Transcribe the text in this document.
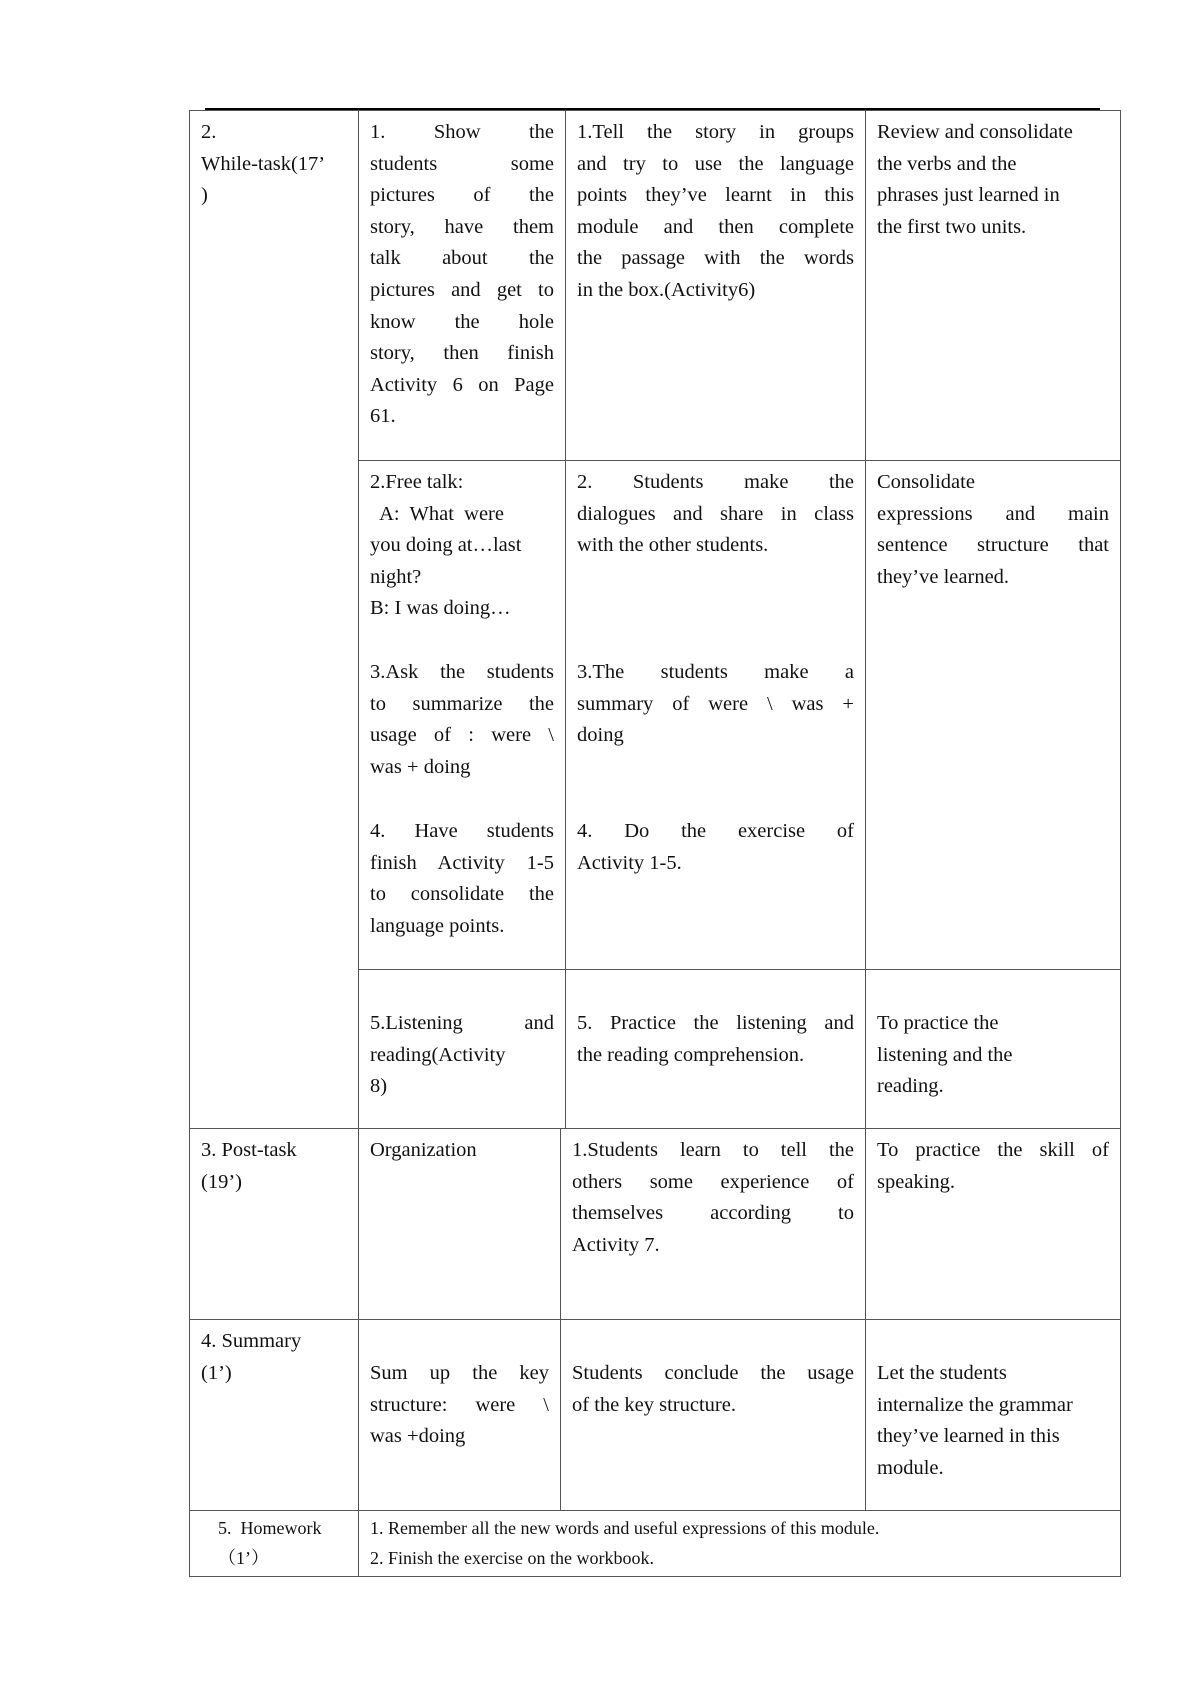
2.
While-task(17’
)
1. Show the
students some
pictures of the
story, have them
talk about the
pictures and get to
know the hole
story, then finish
Activity 6 on Page
61.
1.Tell the story in groups
and try to use the language
points they’ve learnt in this
module and then complete
the passage with the words
in the box.(Activity6)
Review and consolidate
the verbs and the
phrases just learned in
the first two units.
2.Free talk:
A:  What  were
you doing at…last
night?
B: I was doing…
3.Ask the students
to summarize the
usage of : were \
was + doing
4. Have students
finish Activity 1-5
to consolidate the
language points.
2. Students make the
dialogues and share in class
with the other students.
3.The students make a
summary of were \ was +
doing
4. Do the exercise of
Activity 1-5.
Consolidate
expressions and main
sentence structure that
they’ve learned.
5.Listening and
reading(Activity
8)
5. Practice the listening and
the reading comprehension.
To practice the
listening and the
reading.
3. Post-task
(19’)
Organization	1.Students learn to tell the
others some experience of
themselves according to
Activity 7.
To practice the skill of
speaking.
4. Summary
(1’)	Sum up the key
structure: were \
was +doing
Students conclude the usage
of the key structure.
Let the students
internalize the grammar
they’ve learned in this
module.
5.  Homework
（1’）
1. Remember all the new words and useful expressions of this module.
2. Finish the exercise on the workbook.
